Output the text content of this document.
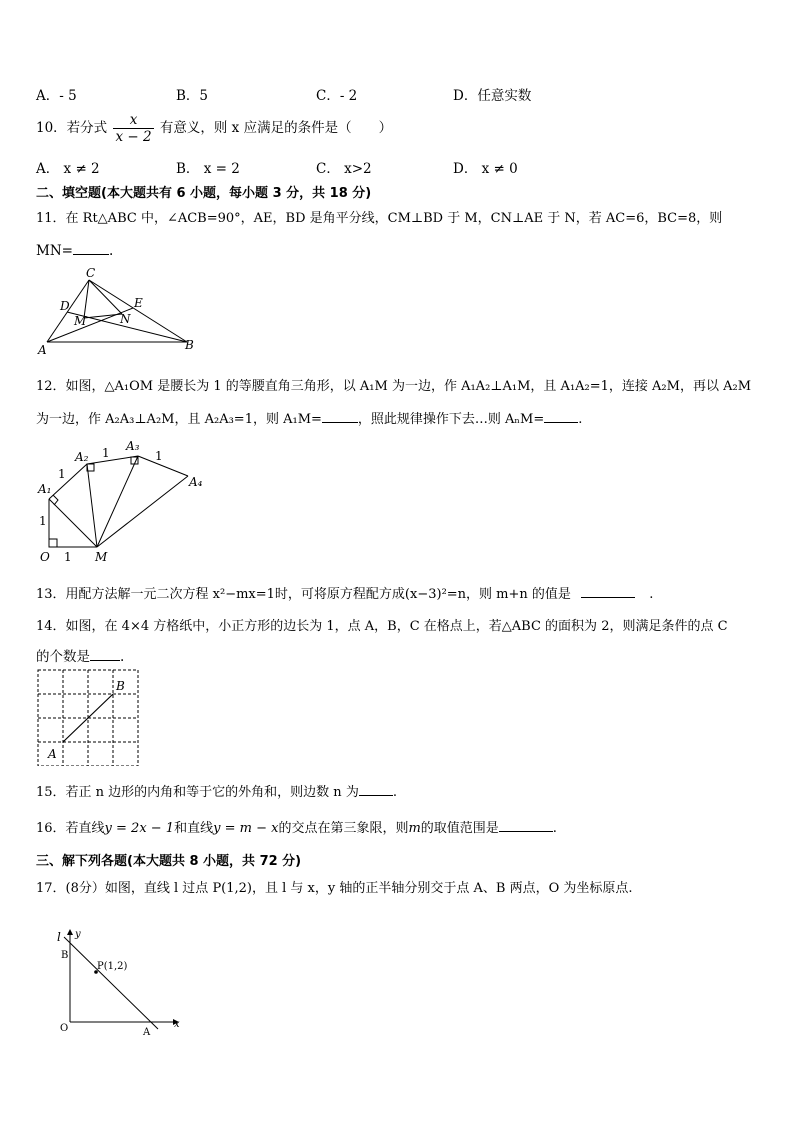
A．- 5	B．5	C．- 2	D．任意实数
10．若分式 $\frac{x}{x - 2}$ 有意义，则 x 应满足的条件是（　　）
A． x ≠ 2	B． x = 2	C． x>2	D． x ≠ 0
二、填空题(本大题共有 6 小题，每小题 3 分，共 18 分)
11．在 Rt△ABC 中，∠ACB=90°，AE，BD 是角平分线，CM⊥BD 于 M，CN⊥AE 于 N，若 AC=6，BC=8，则
MN=	.
C
D	E
M	N
A	B
12．如图，△A₁OM 是腰长为 1 的等腰直角三角形，以 A₁M 为一边，作 A₁A₂⊥A₁M，且 A₁A₂=1，连接 A₂M，再以 A₂M
为一边，作 A₂A₃⊥A₂M，且 A₂A₃=1，则 A₁M=	，照此规律操作下去…则 AₙM=	.
A₁
A₂
A₃
A₄
O	M
1
1
1
1	1
13．用配方法解一元二次方程 x²−mx=1时，可将原方程配方成(x−3)²=n，则 m+n 的值是	.
14．如图，在 4×4 方格纸中，小正方形的边长为 1，点 A，B，C 在格点上，若△ABC 的面积为 2，则满足条件的点 C
的个数是 .
B
A
15．若正 n 边形的内角和等于它的外角和，则边数 n 为	.
16．若直线y = 2x − 1和直线y = m − x的交点在第三象限，则m的取值范围是	.
三、解下列各题(本大题共 8 小题，共 72 分)
17．(8分）如图，直线 l 过点 P(1,2)，且 l 与 x，y 轴的正半轴分别交于点 A、B 两点，O 为坐标原点.
l y
B
P(1,2)
O	A
x
